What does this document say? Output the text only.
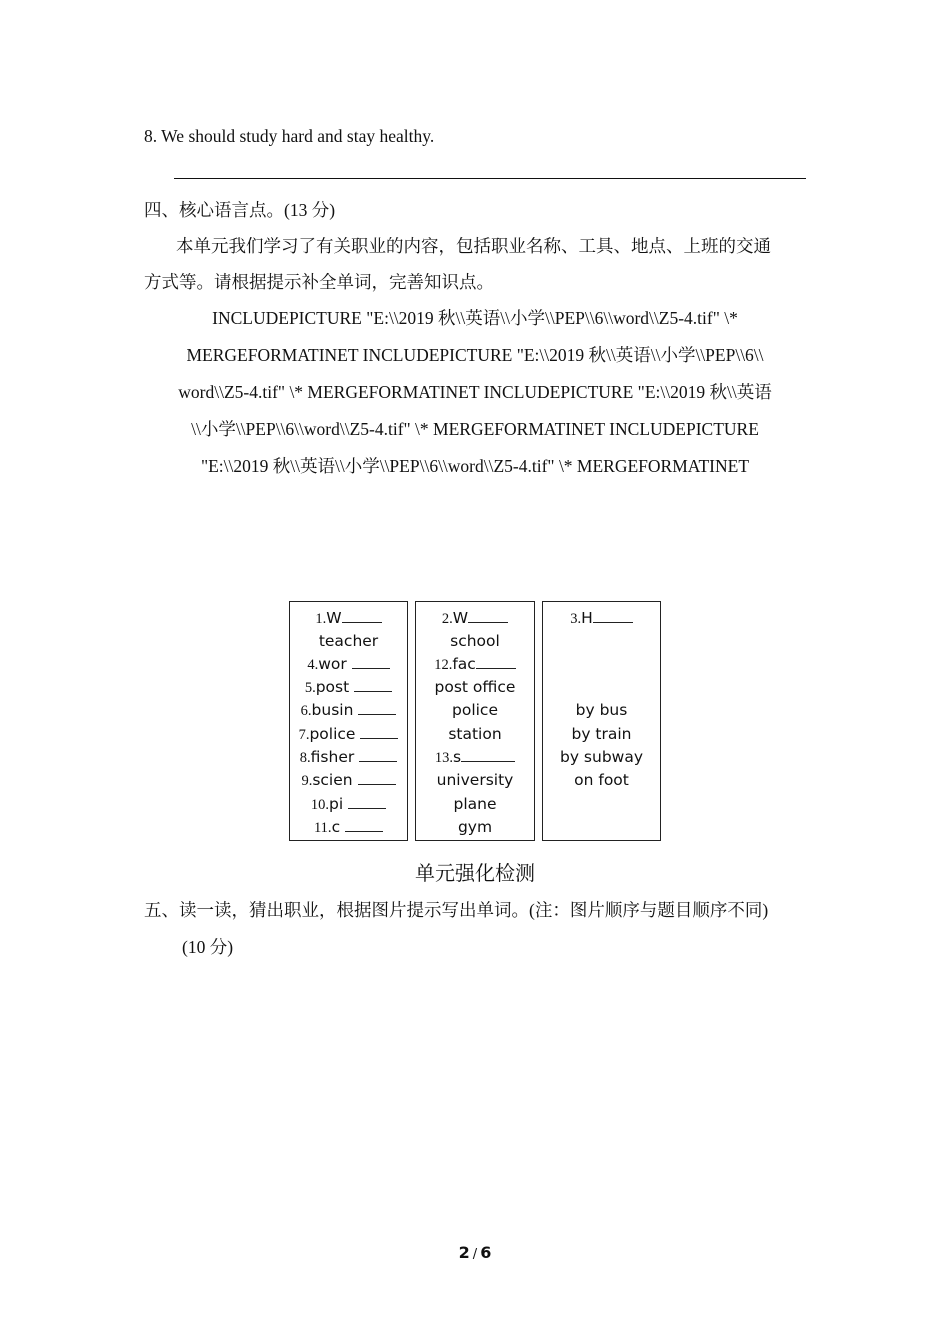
8. We should study hard and stay healthy.
四、核心语言点。(13 分)
本单元我们学习了有关职业的内容，包括职业名称、工具、地点、上班的交通
方式等。请根据提示补全单词，完善知识点。
INCLUDEPICTURE "E:\\2019 秋\\英语\\小学\\PEP\\6\\word\\Z5-4.tif" \*
MERGEFORMATINET INCLUDEPICTURE "E:\\2019 秋\\英语\\小学\\PEP\\6\\
word\\Z5-4.tif" \* MERGEFORMATINET INCLUDEPICTURE "E:\\2019 秋\\英语
\\小学\\PEP\\6\\word\\Z5-4.tif" \* MERGEFORMATINET INCLUDEPICTURE
"E:\\2019 秋\\英语\\小学\\PEP\\6\\word\\Z5-4.tif" \* MERGEFORMATINET
1.W
teacher
4.wor
5.post
6.busin
7.police
8.fisher
9.scien
10.pi
11.c
2.W
school
12.fac
post office
police
station
13.s
university
plane
gym
3.H
by bus
by train
by subway
on foot
单元强化检测
五、读一读，猜出职业，根据图片提示写出单词。(注：图片顺序与题目顺序不同)
(10 分)
2 / 6
